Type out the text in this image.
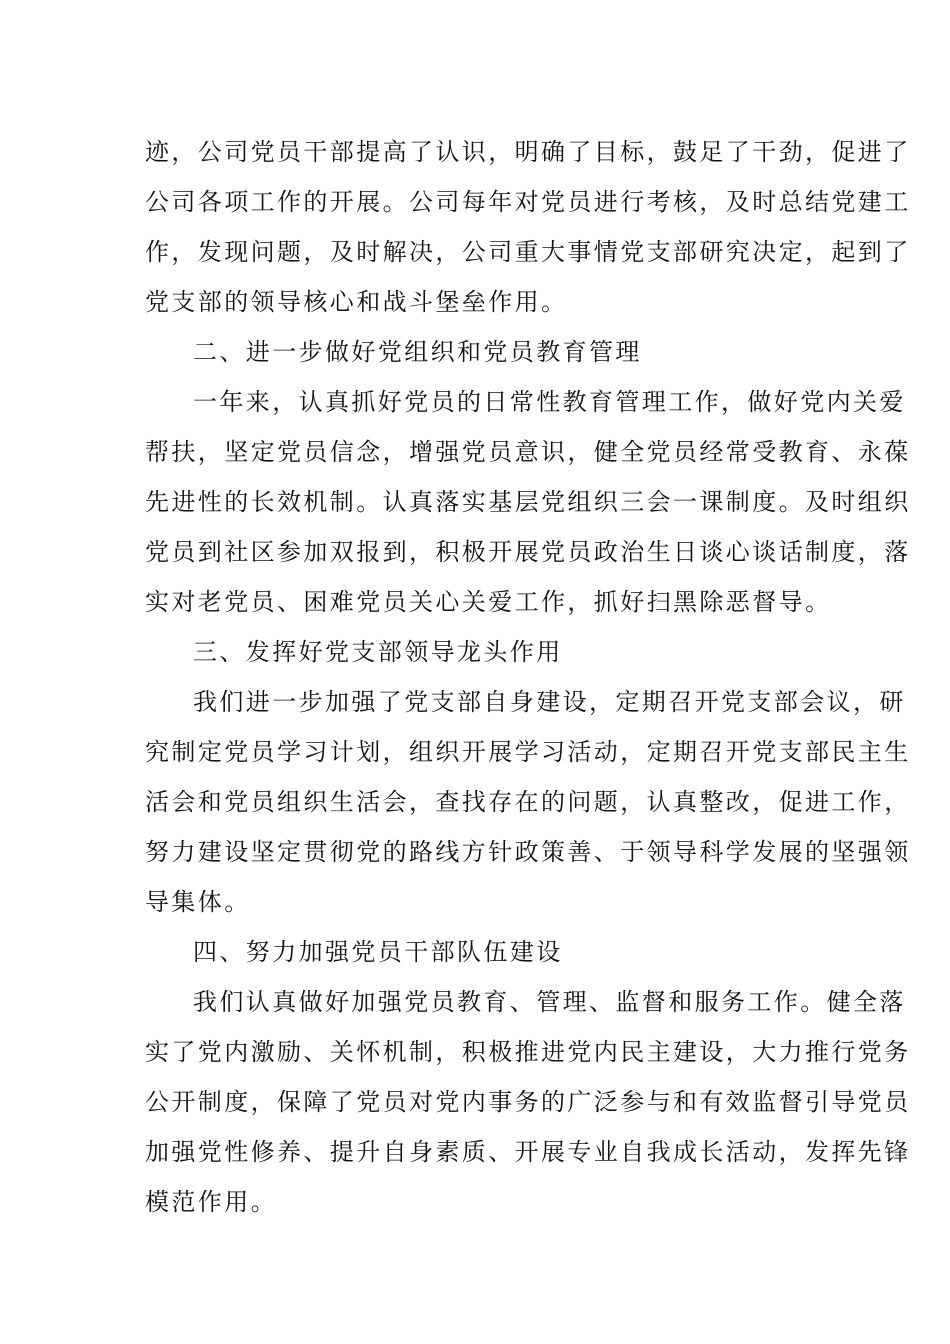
迹，公司党员干部提高了认识，明确了目标，鼓足了干劲，促进了
公司各项工作的开展。公司每年对党员进行考核，及时总结党建工
作，发现问题，及时解决，公司重大事情党支部研究决定，起到了
党支部的领导核心和战斗堡垒作用。
二、进一步做好党组织和党员教育管理
一年来，认真抓好党员的日常性教育管理工作，做好党内关爱
帮扶，坚定党员信念，增强党员意识，健全党员经常受教育、永葆
先进性的长效机制。认真落实基层党组织三会一课制度。及时组织
党员到社区参加双报到，积极开展党员政治生日谈心谈话制度，落
实对老党员、困难党员关心关爱工作，抓好扫黑除恶督导。
三、发挥好党支部领导龙头作用
我们进一步加强了党支部自身建设，定期召开党支部会议，研
究制定党员学习计划，组织开展学习活动，定期召开党支部民主生
活会和党员组织生活会，查找存在的问题，认真整改，促进工作，
努力建设坚定贯彻党的路线方针政策善、于领导科学发展的坚强领
导集体。
四、努力加强党员干部队伍建设
我们认真做好加强党员教育、管理、监督和服务工作。健全落
实了党内激励、关怀机制，积极推进党内民主建设，大力推行党务
公开制度，保障了党员对党内事务的广泛参与和有效监督引导党员
加强党性修养、提升自身素质、开展专业自我成长活动，发挥先锋
模范作用。
